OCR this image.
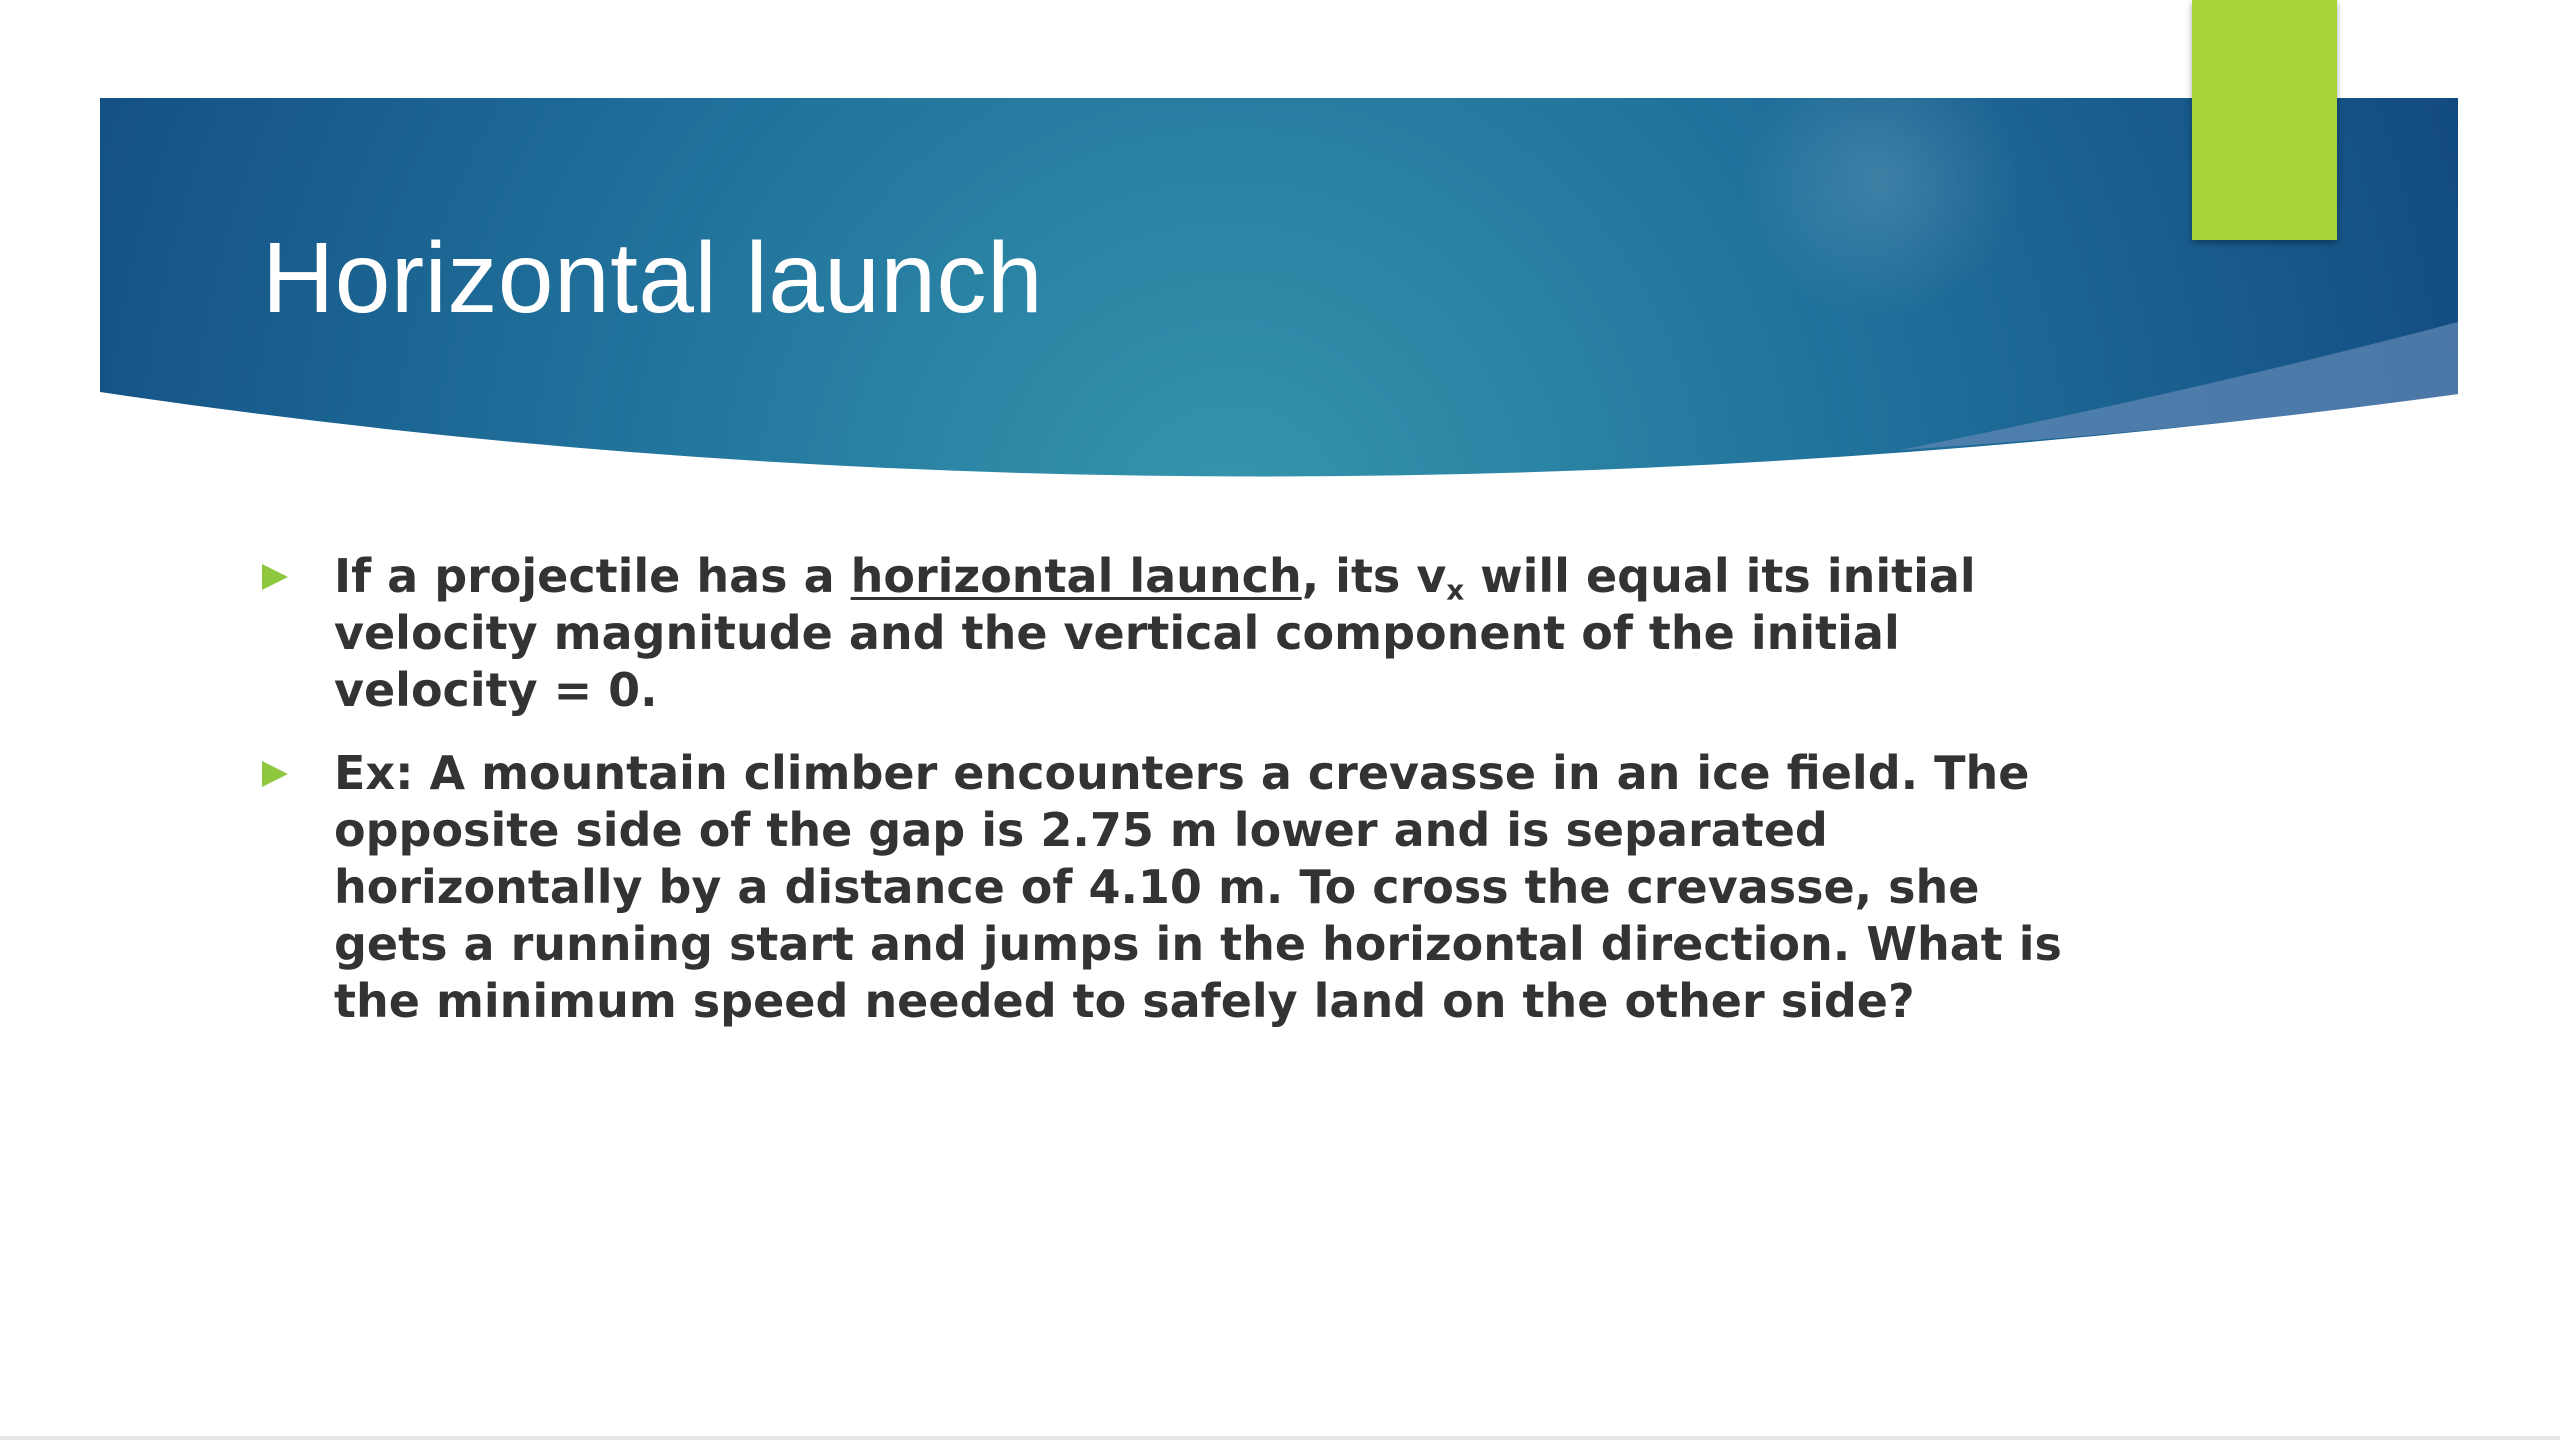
Horizontal launch
If a projectile has a horizontal launch, its $v_x$ will equal its initial velocity magnitude and the vertical component of the initial velocity = 0.
Ex: A mountain climber encounters a crevasse in an ice field. The opposite side of the gap is 2.75 m lower and is separated horizontally by a distance of 4.10 m. To cross the crevasse, she gets a running start and jumps in the horizontal direction. What is the minimum speed needed to safely land on the other side?
